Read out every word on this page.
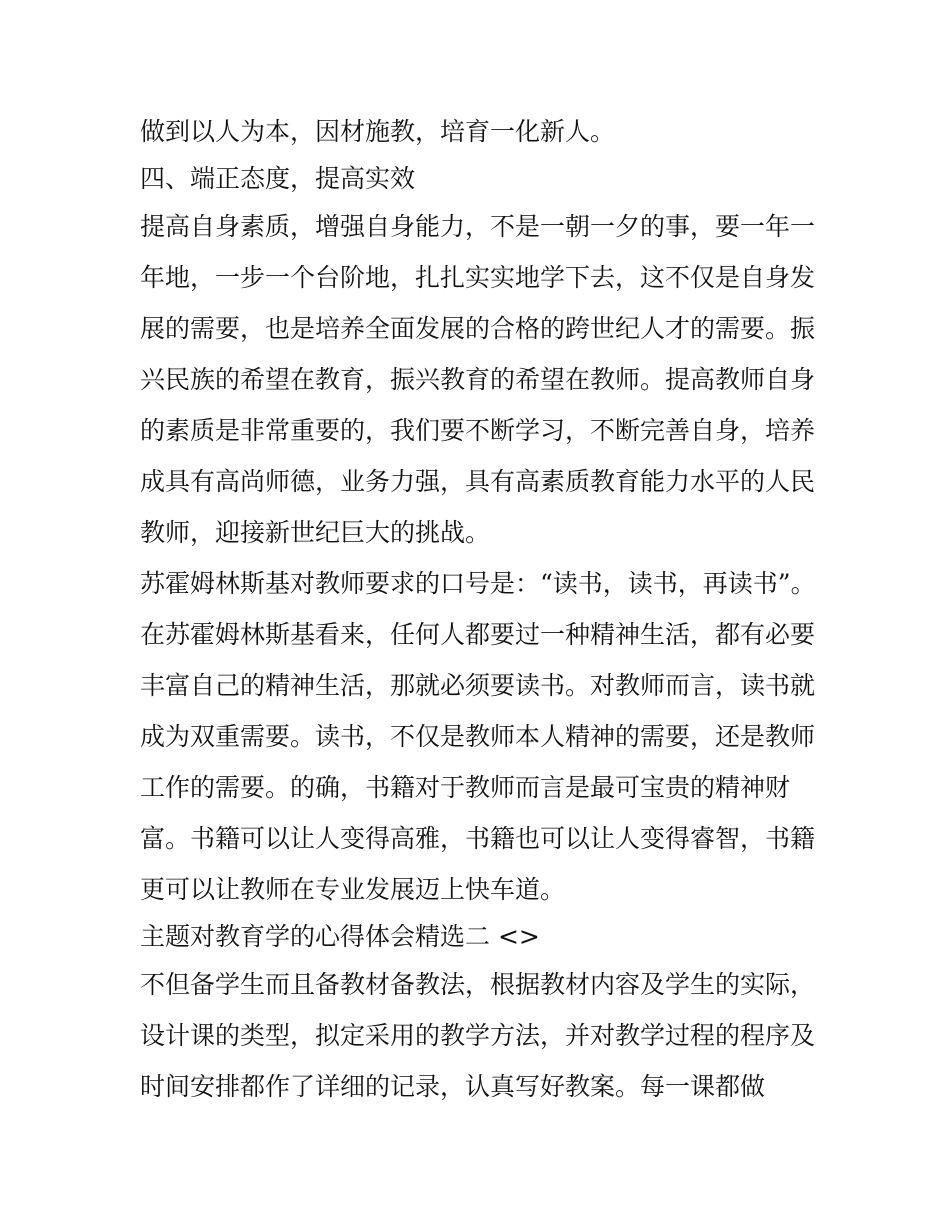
做到以人为本，因材施教，培育一化新人。
四、端正态度，提高实效
提高自身素质，增强自身能力，不是一朝一夕的事，要一年一
年地，一步一个台阶地，扎扎实实地学下去，这不仅是自身发
展的需要，也是培养全面发展的合格的跨世纪人才的需要。振
兴民族的希望在教育，振兴教育的希望在教师。提高教师自身
的素质是非常重要的，我们要不断学习，不断完善自身，培养
成具有高尚师德，业务力强，具有高素质教育能力水平的人民
教师，迎接新世纪巨大的挑战。
苏霍姆林斯基对教师要求的口号是：“读书，读书，再读书”。
在苏霍姆林斯基看来，任何人都要过一种精神生活，都有必要
丰富自己的精神生活，那就必须要读书。对教师而言，读书就
成为双重需要。读书，不仅是教师本人精神的需要，还是教师
工作的需要。的确，书籍对于教师而言是最可宝贵的精神财
富。书籍可以让人变得高雅，书籍也可以让人变得睿智，书籍
更可以让教师在专业发展迈上快车道。
主题对教育学的心得体会精选二 <>
不但备学生而且备教材备教法，根据教材内容及学生的实际，
设计课的类型，拟定采用的教学方法，并对教学过程的程序及
时间安排都作了详细的记录，认真写好教案。每一课都做
